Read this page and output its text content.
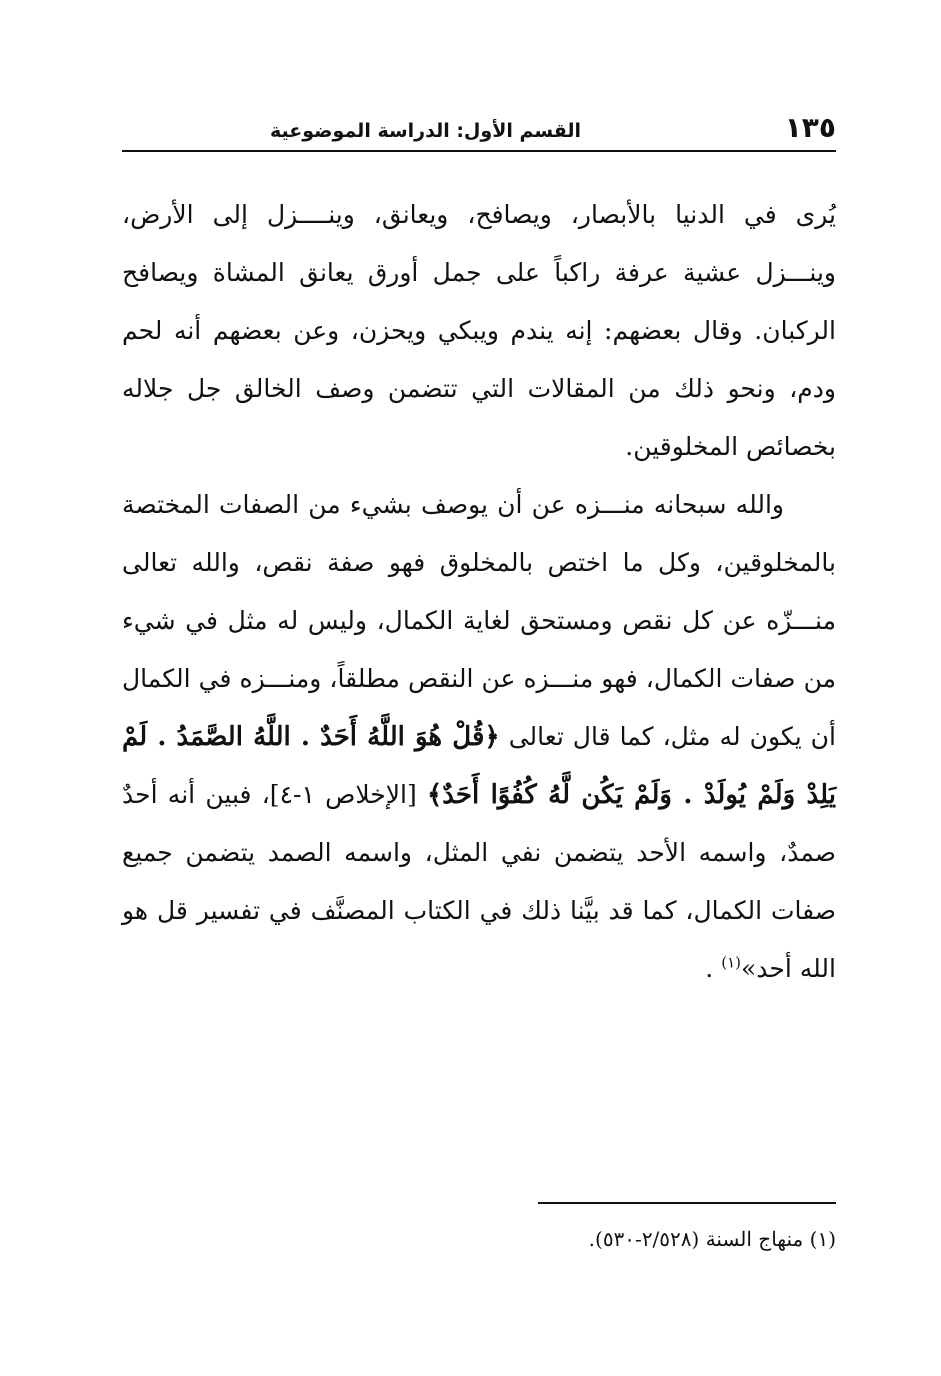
١٣٥
القسم الأول: الدراسة الموضوعية

يُرى في الدنيا بالأبصار، ويصافح، ويعانق، وينــــزل إلى الأرض، وينـــزل عشية عرفة راكباً على جمل أورق يعانق المشاة ويصافح الركبان. وقال بعضهم: إنه يندم ويبكي ويحزن، وعن بعضهم أنه لحم ودم، ونحو ذلك من المقالات التي تتضمن وصف الخالق جل جلاله بخصائص المخلوقين.

والله سبحانه منـــزه عن أن يوصف بشيء من الصفات المختصة بالمخلوقين، وكل ما اختص بالمخلوق فهو صفة نقص، والله تعالى منـــزّه عن كل نقص ومستحق لغاية الكمال، وليس له مثل في شيء من صفات الكمال، فهو منـــزه عن النقص مطلقاً، ومنـــزه في الكمال أن يكون له مثل، كما قال تعالى ﴿قُلْ هُوَ اللَّهُ أَحَدٌ . اللَّهُ الصَّمَدُ . لَمْ يَلِدْ وَلَمْ يُولَدْ . وَلَمْ يَكُن لَّهُ كُفُوًا أَحَدٌ﴾ [الإخلاص ١-٤]، فبين أنه أحدٌ صمدٌ، واسمه الأحد يتضمن نفي المثل، واسمه الصمد يتضمن جميع صفات الكمال، كما قد بيَّنا ذلك في الكتاب المصنَّف في تفسير قل هو الله أحد»$^{(١)}$ .

(١) منهاج السنة (٢/٥٢٨-٥٣٠).
